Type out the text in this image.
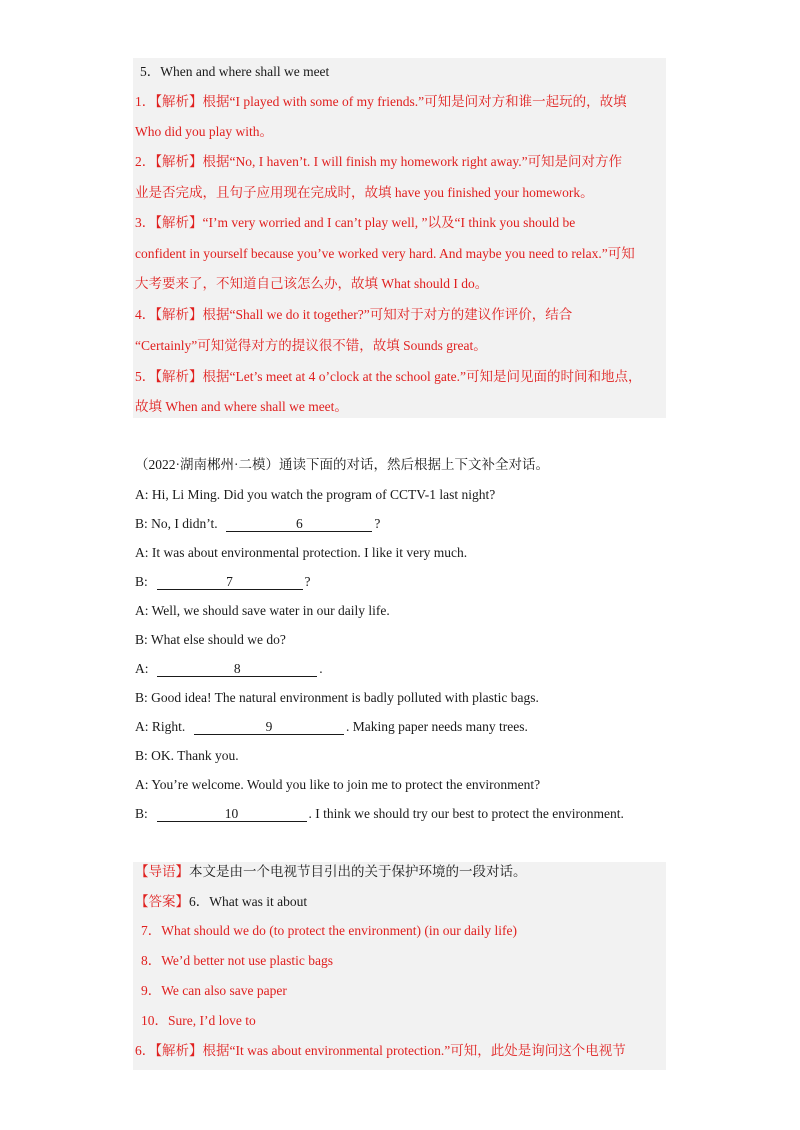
5．When and where shall we meet
1．【解析】根据“I played with some of my friends.”可知是问对方和谁一起玩的，故填
Who did you play with。
2．【解析】根据“No, I haven’t. I will finish my homework right away.”可知是问对方作
业是否完成，且句子应用现在完成时，故填 have you finished your homework。
3．【解析】“I’m very worried and I can’t play well, ”以及“I think you should be
confident in yourself because you’ve worked very hard. And maybe you need to relax.”可知
大考要来了，不知道自己该怎么办，故填 What should I do。
4．【解析】根据“Shall we do it together?”可知对于对方的建议作评价，结合
“Certainly”可知觉得对方的提议很不错，故填 Sounds great。
5．【解析】根据“Let’s meet at 4 o’clock at the school gate.”可知是问见面的时间和地点，
故填 When and where shall we meet。
（2022·湖南郴州·二模）通读下面的对话，然后根据上下文补全对话。
A: Hi, Li Ming. Did you watch the program of CCTV-1 last night?
B: No, I didn’t.	6	?
A: It was about environmental protection. I like it very much.
B:	7	?
A: Well, we should save water in our daily life.
B: What else should we do?
A:	8	.
B: Good idea! The natural environment is badly polluted with plastic bags.
A: Right.	9	. Making paper needs many trees.
B: OK. Thank you.
A: You’re welcome. Would you like to join me to protect the environment?
B:	10	. I think we should try our best to protect the environment.
【导语】本文是由一个电视节目引出的关于保护环境的一段对话。
【答案】6．What was it about
7．What should we do (to protect the environment) (in our daily life)
8．We’d better not use plastic bags
9．We can also save paper
10．Sure, I’d love to
6．【解析】根据“It was about environmental protection.”可知，此处是询问这个电视节
